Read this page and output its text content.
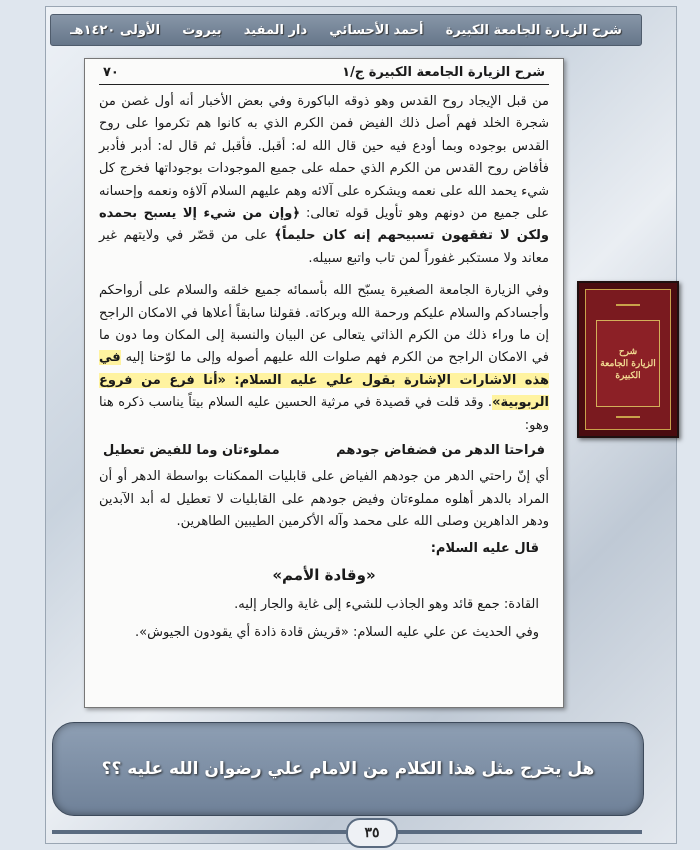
شرح الزيارة الجامعة الكبيرة
أحمد الأحسائي
دار المفيد
بيروت
الأولى ١٤٢٠هـ
شرح الزيارة الجامعة الكبيرة ج/١
٧٠

من قبل الإيجاد روح القدس وهو ذوقه الباكورة وفي بعض الأخبار أنه أول غصن من شجرة الخلد فهم أصل ذلك الفيض فمن الكرم الذي به كانوا هم تكرموا على روح القدس بوجوده وبما أودع فيه حين قال الله له: أقبل. فأقبل ثم قال له: أدبر فأدبر فأفاض روح القدس من الكرم الذي حمله على جميع الموجودات بوجوداتها فخرج كل شيء يحمد الله على نعمه ويشكره على آلائه وهم عليهم السلام آلاؤه ونعمه وإحسانه على جميع من دونهم وهو تأويل قوله تعالى: ﴿وإن من شيء إلا يسبح بحمده ولكن لا تفقهون تسبيحهم إنه كان حليماً﴾ على من قصّر في ولايتهم غير معاند ولا مستكبر غفوراً لمن تاب واتبع سبيله.

وفي الزيارة الجامعة الصغيرة يسبّح الله بأسمائه جميع خلقه والسلام على أرواحكم وأجسادكم والسلام عليكم ورحمة الله وبركاته. فقولنا سابقاً أعلاها في الامكان الراجح إن ما وراء ذلك من الكرم الذاتي يتعالى عن البيان والنسبة إلى المكان وما دون ما في الامكان الراجح من الكرم فهم صلوات الله عليهم أصوله وإلى ما لوّحنا إليه في هذه الاشارات الإشارة بقول علي عليه السلام: «أنا فرع من فروع الربوبية». وقد قلت في قصيدة في مرثية الحسين عليه السلام بيتاً يناسب ذكره هنا وهو:

فراحتا الدهر من فضفاض جودهم
مملوءتان وما للفيض تعطيل

أي إنّ راحتي الدهر من جودهم الفياض على قابليات الممكنات بواسطة الدهر أو أن المراد بالدهر أهلوه مملوءتان وفيض جودهم على القابليات لا تعطيل له أبد الآبدين ودهر الداهرين وصلى الله على محمد وآله الأكرمين الطيبين الطاهرين.

قال عليه السلام:
«وقادة الأمم»
القادة: جمع قائد وهو الجاذب للشيء إلى غاية والجار إليه.
وفي الحديث عن علي عليه السلام: «قريش قادة ذادة أي يقودون الجيوش».
شرح
الزيارة الجامعة الكبيرة
هل يخرج مثل هذا الكلام من الامام علي رضوان الله عليه ؟؟
٣٥
